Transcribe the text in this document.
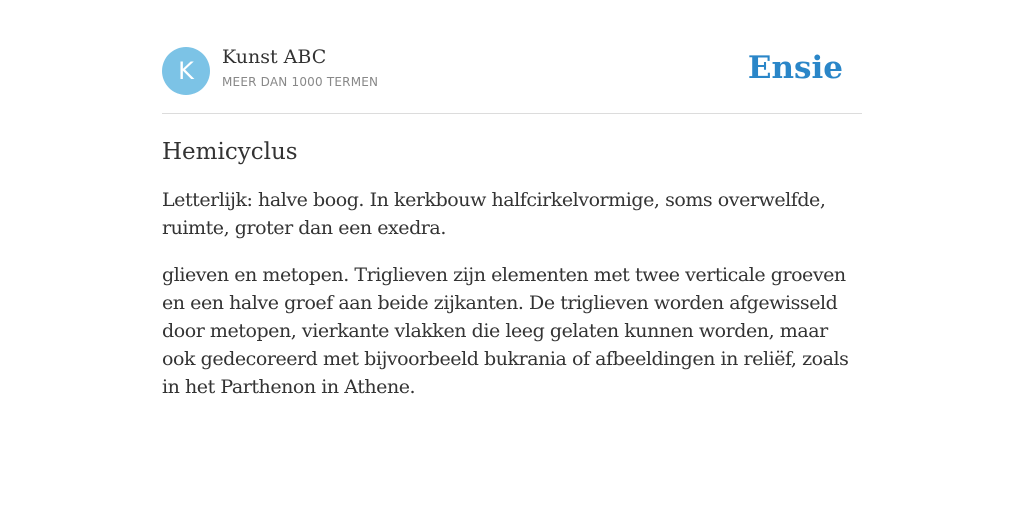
K	Kunst ABC
MEER DAN 1000 TERMEN	Ensie
Hemicyclus

Letterlijk: halve boog. In kerkbouw halfcirkelvormige, soms overwelfde, ruimte, groter dan een exedra.

glieven en metopen. Triglieven zijn elementen met twee verticale groeven en een halve groef aan beide zijkanten. De triglieven worden afgewisseld door metopen, vierkante vlakken die leeg gelaten kunnen worden, maar ook gedecoreerd met bijvoorbeeld bukrania of afbeeldingen in reliëf, zoals in het Parthenon in Athene.
